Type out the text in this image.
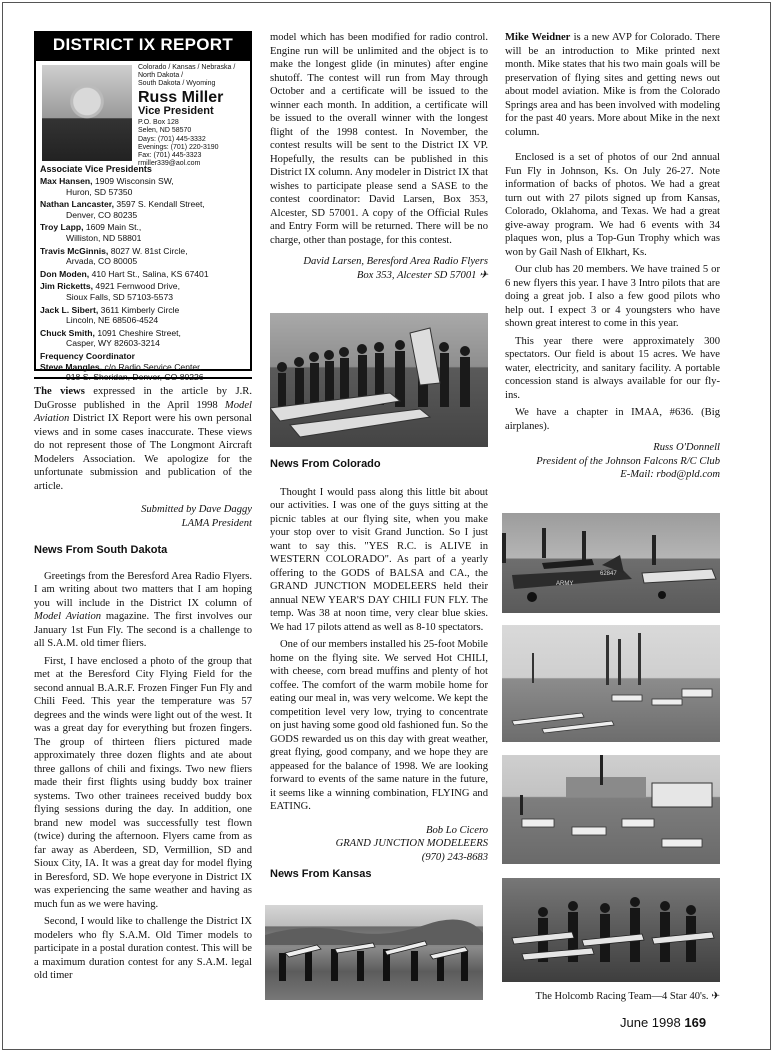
DISTRICT IX REPORT
Colorado / Kansas / Nebraska /
North Dakota /
South Dakota / Wyoming
Russ Miller
Vice President
P.O. Box 128
Selen, ND 58570
Days: (701) 445-3332
Evenings: (701) 220-3190
Fax: (701) 445-3323
rmiller339@aol.com
Associate Vice Presidents
Max Hansen, 1909 Wisconsin SW,
Huron, SD 57350
Nathan Lancaster, 3597 S. Kendall Street,
Denver, CO 80235
Troy Lapp, 1609 Main St.,
Williston, ND 58801
Travis McGinnis, 8027 W. 81st Circle,
Arvada, CO 80005
Don Moden, 410 Hart St., Salina, KS 67401
Jim Ricketts, 4921 Fernwood Drive,
Sioux Falls, SD 57103-5573
Jack L. Sibert, 3611 Kimberly Circle
Lincoln, NE 68506-4524
Chuck Smith, 1091 Cheshire Street,
Casper, WY 82603-3214
Frequency Coordinator
Steve Mangles, c/o Radio Service Center,

The views expressed in the article by J.R. DuGrosse published in the April 1998 Model Aviation District IX Report were his own personal views and in some cases inaccurate. These views do not represent those of The Longmont Aircraft Modelers Association. We apologize for the unfortunate submission and publication of the article.

Submitted by Dave Daggy
LAMA President
News From South Dakota

Greetings from the Beresford Area Radio Flyers. I am writing about two matters that I am hoping you will include in the District IX column of Model Aviation magazine. The first involves our January 1st Fun Fly. The second is a challenge to all S.A.M. old timer fliers.

First, I have enclosed a photo of the group that met at the Beresford City Flying Field for the second annual B.A.R.F. Frozen Finger Fun Fly and Chili Feed. This year the temperature was 57 degrees and the winds were light out of the west. It was a great day for everything but frozen fingers. The group of thirteen fliers pictured made approximately three dozen flights and ate about three gallons of chili and fixings. Two new fliers made their first flights using buddy box trainer systems. Two other trainees received buddy box flying sessions during the day. In addition, one brand new model was successfully test flown (twice) during the afternoon. Flyers came from as far away as Aberdeen, SD, Vermillion, SD and Sioux City, IA. It was a great day for model flying in Beresford, SD. We hope everyone in District IX was experiencing the same weather and having as much fun as we were having.

Second, I would like to challenge the District IX modelers who fly S.A.M. Old Timer models to participate in a postal duration contest. This will be a maximum duration contest for any S.A.M. legal old timer

model which has been modified for radio control. Engine run will be unlimited and the object is to make the longest glide (in minutes) after engine shutoff. The contest will run from May through October and a certificate will be issued to the winner each month. In addition, a certificate will be issued to the overall winner with the longest flight of the 1998 contest. In November, the contest results will be sent to the District IX VP. Hopefully, the results can be published in this District IX column. Any modeler in District IX that wishes to participate please send a SASE to the contest coordinator: David Larsen, Box 353, Alcester, SD 57001. A copy of the Official Rules and Entry Form will be returned. There will be no charge, other than postage, for this contest.

David Larsen, Beresford Area Radio Flyers
Box 353, Alcester SD 57001 ✈
News From Colorado

Thought I would pass along this little bit about our activities. I was one of the guys sitting at the picnic tables at our flying site, when you make your stop over to visit Grand Junction. So I just want to say this. "YES R.C. is ALIVE in WESTERN COLORADO". As part of a yearly offering to the GODS of BALSA and CA., the GRAND JUNCTION MODELEERS held their annual NEW YEAR'S DAY CHILI FUN FLY. The temp. Was 38 at noon time, very clear blue skies. We had 17 pilots attend as well as 8-10 spectators.

One of our members installed his 25-foot Mobile home on the flying site. We served Hot CHILI, with cheese, corn bread muffins and plenty of hot coffee. The comfort of the warm mobile home for eating our meal in, was very welcome. We kept the competition level very low, trying to concentrate on just having some good old fashioned fun. So the GODS rewarded us on this day with great weather, great flying, good company, and we hope they are appeased for the balance of 1998. We are looking forward to events of the same nature in the future, it seems like a winning combination, FLYING and EATING.

Bob Lo Cicero
GRAND JUNCTION MODELEERS
(970) 243-8683
News From Kansas

Mike Weidner is a new AVP for Colorado. There will be an introduction to Mike printed next month. Mike states that his two main goals will be preservation of flying sites and getting news out about model aviation. Mike is from the Colorado Springs area and has been involved with modeling for the past 40 years. More about Mike in the next column.

Enclosed is a set of photos of our 2nd annual Fun Fly in Johnson, Ks. On July 26-27. Note information of backs of photos. We had a great turn out with 27 pilots signed up from Kansas, Colorado, Oklahoma, and Texas. We had a great give-away program. We had 6 events with 34 plaques won, plus a Top-Gun Trophy which was won by Gail Nash of Elkhart, Ks.

Our club has 20 members. We have trained 5 or 6 new flyers this year. I have 3 Intro pilots that are doing a great job. I also a few good pilots who help out. I expect 3 or 4 youngsters who have shown great interest to come in this year.

This year there were approximately 300 spectators. Our field is about 15 acres. We have water, electricity, and sanitary facility. A portable concession stand is always available for our fly-ins.

We have a chapter in IMAA, #636. (Big airplanes).

Russ O'Donnell
President of the Johnson Falcons R/C Club
E-Mail: rbod@pld.com
ARMY
62847
The Holcomb Racing Team—4 Star 40's. ✈
June 1998 169
